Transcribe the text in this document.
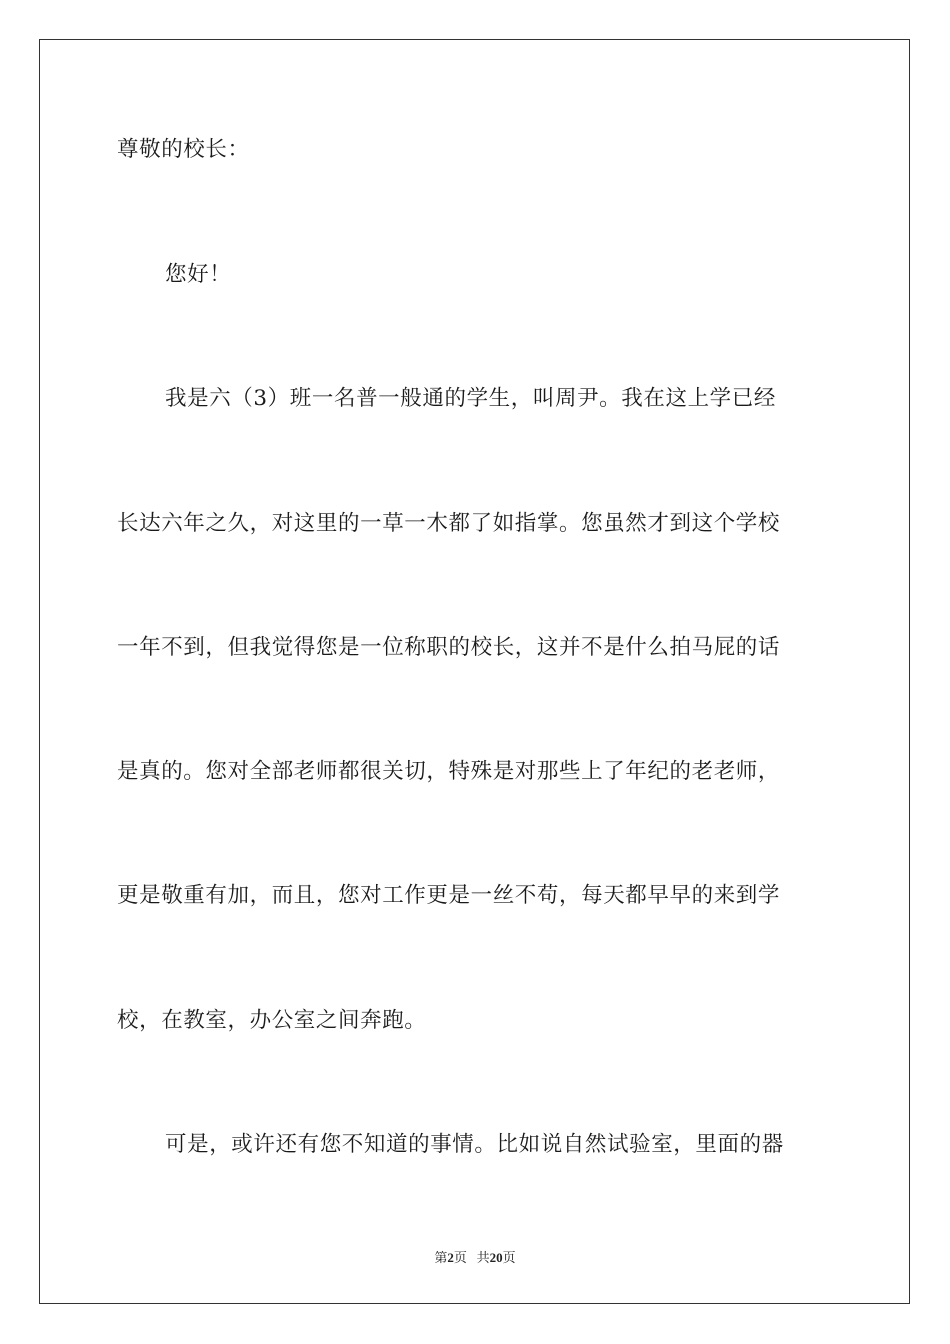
尊敬的校长：
您好！
我是六（3）班一名普一般通的学生，叫周尹。我在这上学已经
长达六年之久，对这里的一草一木都了如指掌。您虽然才到这个学校
一年不到，但我觉得您是一位称职的校长，这并不是什么拍马屁的话
是真的。您对全部老师都很关切，特殊是对那些上了年纪的老老师，
更是敬重有加，而且，您对工作更是一丝不苟，每天都早早的来到学
校，在教室，办公室之间奔跑。
可是，或许还有您不知道的事情。比如说自然试验室，里面的器
第2页 共20页
